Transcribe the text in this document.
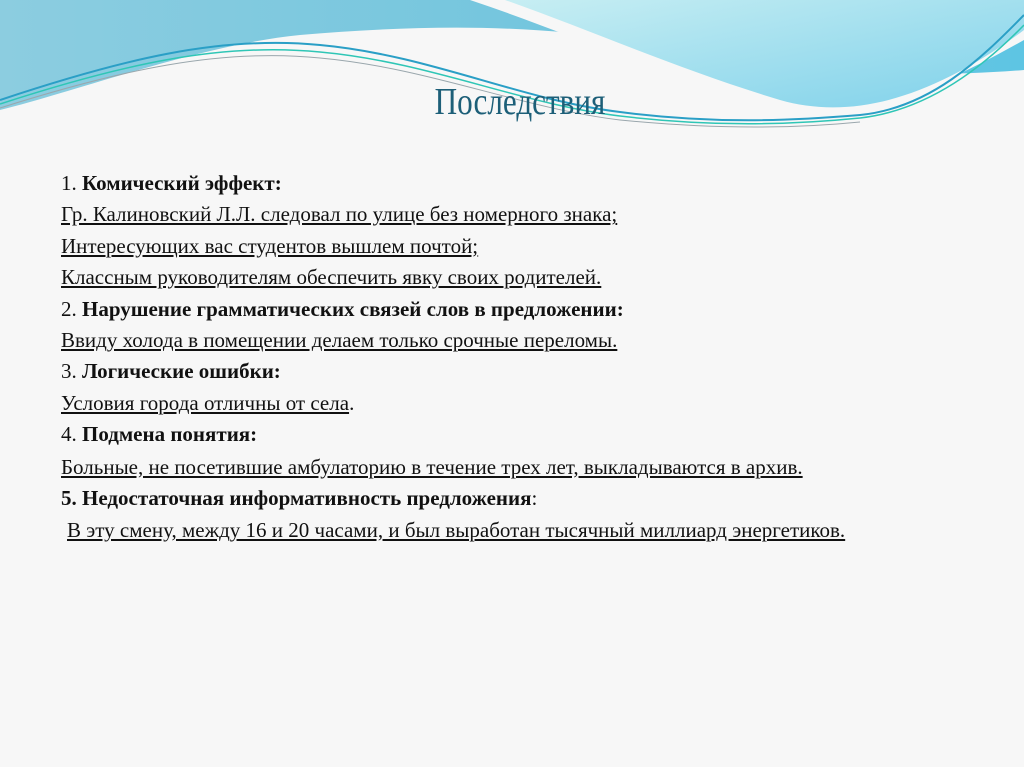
Последствия
1. Комический эффект:
Гр. Калиновский Л.Л. следовал по улице без номерного знака;
Интересующих вас студентов вышлем почтой;
Классным руководителям обеспечить явку своих родителей.
2. Нарушение грамматических связей слов в предложении:
Ввиду холода в помещении делаем только срочные переломы.
3. Логические ошибки:
Условия города отличны от села.
4. Подмена понятия:
Больные, не посетившие амбулаторию в течение трех лет, выкладываются в архив.
5. Недостаточная информативность предложения:
В эту смену, между 16 и 20 часами, и был выработан тысячный миллиард энергетиков.
